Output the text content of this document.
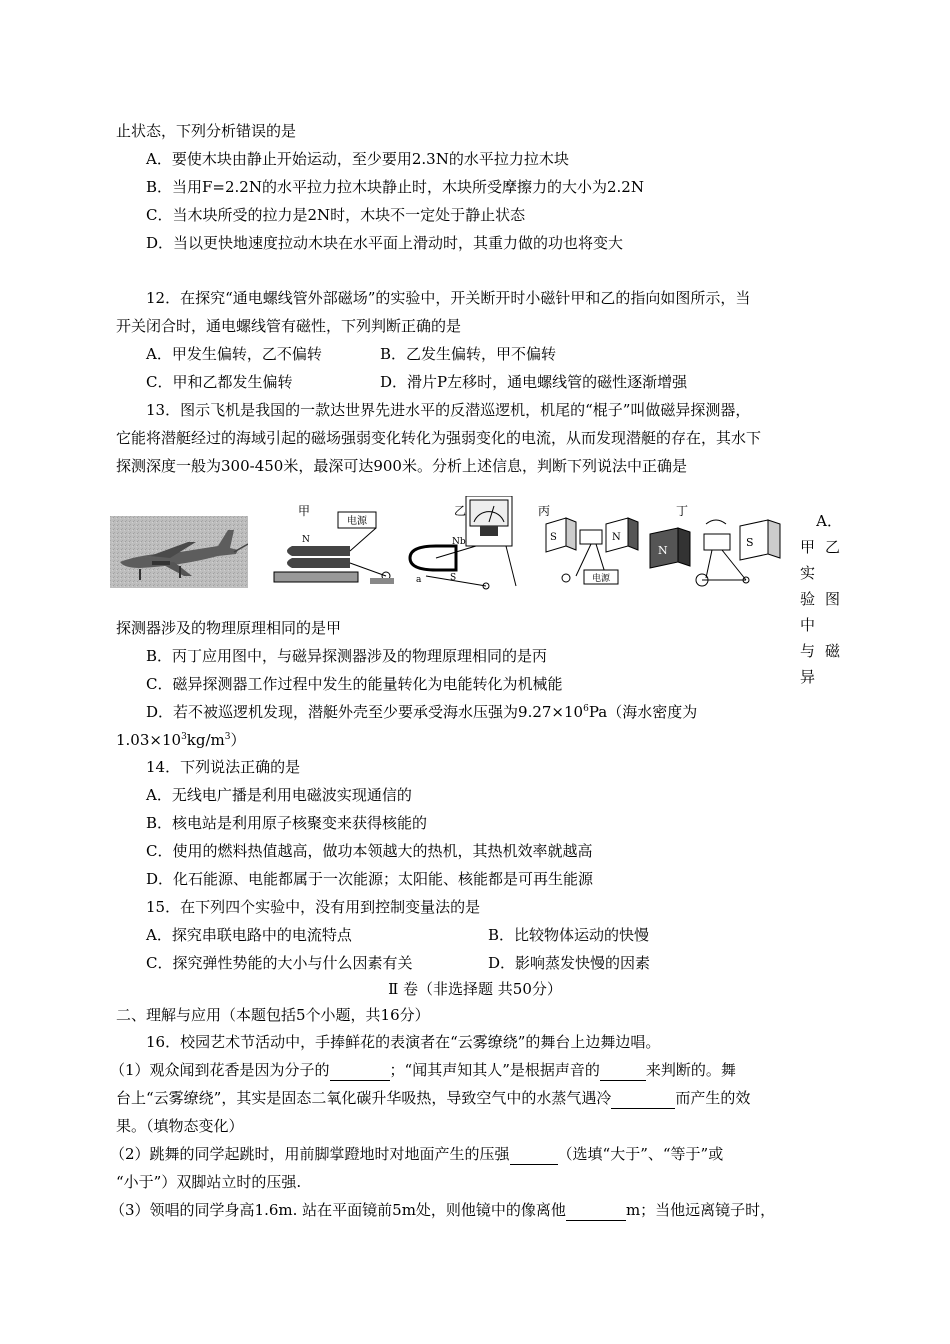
止状态，下列分析错误的是
A．要使木块由静止开始运动，至少要用2.3N的水平拉力拉木块
B．当用F=2.2N的水平拉力拉木块静止时，木块所受摩擦力的大小为2.2N
C．当木块所受的拉力是2N时，木块不一定处于静止状态
D．当以更快地速度拉动木块在水平面上滑动时，其重力做的功也将变大
12．在探究“通电螺线管外部磁场”的实验中，开关断开时小磁针甲和乙的指向如图所示，当
开关闭合时，通电螺线管有磁性，下列判断正确的是
A．甲发生偏转，乙不偏转	B．乙发生偏转，甲不偏转
C．甲和乙都发生偏转	D．滑片P左移时，通电螺线管的磁性逐渐增强
13．图示飞机是我国的一款达世界先进水平的反潜巡逻机，机尾的“棍子”叫做磁异探测器，
它能将潜艇经过的海域引起的磁场强弱变化转化为强弱变化的电流，从而发现潜艇的存在，其水下
探测深度一般为300-450米，最深可达900米。分析上述信息，判断下列说法中正确是
甲
电源
N
乙
Nb
a	S
丙
S	N
电源
丁
N
S
A．
甲乙实
验图中
与磁异
探测器涉及的物理原理相同的是甲
B．丙丁应用图中，与磁异探测器涉及的物理原理相同的是丙
C．磁异探测器工作过程中发生的能量转化为电能转化为机械能
D．若不被巡逻机发现，潜艇外壳至少要承受海水压强为$9.27\times 10^6Pa$（海水密度为
$1.03\times 10^3kg/m^3$）
14．下列说法正确的是
A．无线电广播是利用电磁波实现通信的
B．核电站是利用原子核聚变来获得核能的
C．使用的燃料热值越高，做功本领越大的热机，其热机效率就越高
D．化石能源、电能都属于一次能源；太阳能、核能都是可再生能源
15．在下列四个实验中，没有用到控制变量法的是
A．探究串联电路中的电流特点	B．比较物体运动的快慢
C．探究弹性势能的大小与什么因素有关	D．影响蒸发快慢的因素
Ⅱ 卷（非选择题 共50分）
二、理解与应用（本题包括5个小题，共16分）
16．校园艺术节活动中，手捧鲜花的表演者在“云雾缭绕”的舞台上边舞边唱。
（1）观众闻到花香是因为分子的	；“闻其声知其人”是根据声音的	来判断的。舞
台上“云雾缭绕”，其实是固态二氧化碳升华吸热，导致空气中的水蒸气遇冷	而产生的效
果。（填物态变化）
（2）跳舞的同学起跳时，用前脚掌蹬地时对地面产生的压强	（选填“大于”、“等于”或
“小于”）双脚站立时的压强.
（3）领唱的同学身高1.6m. 站在平面镜前5m处，则他镜中的像离他	m；当他远离镜子时，
